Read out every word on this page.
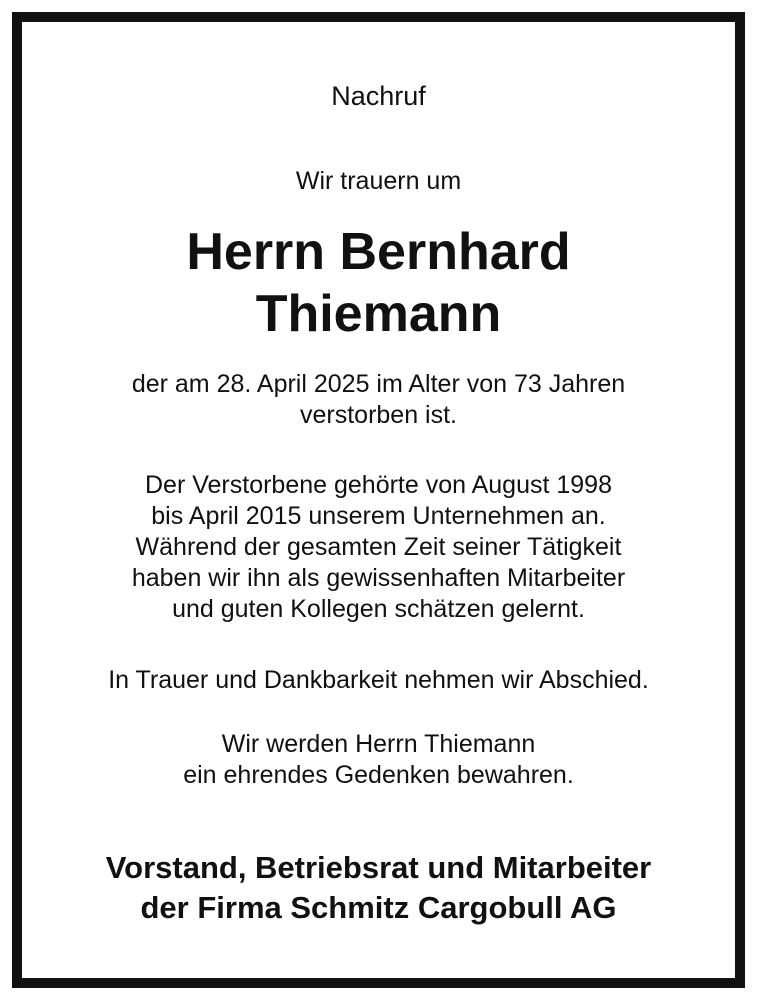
Nachruf
Wir trauern um
Herrn Bernhard
Thiemann
der am 28. April 2025 im Alter von 73 Jahren
verstorben ist.
Der Verstorbene gehörte von August 1998
bis April 2015 unserem Unternehmen an.
Während der gesamten Zeit seiner Tätigkeit
haben wir ihn als gewissenhaften Mitarbeiter
und guten Kollegen schätzen gelernt.
In Trauer und Dankbarkeit nehmen wir Abschied.
Wir werden Herrn Thiemann
ein ehrendes Gedenken bewahren.
Vorstand, Betriebsrat und Mitarbeiter
der Firma Schmitz Cargobull AG
